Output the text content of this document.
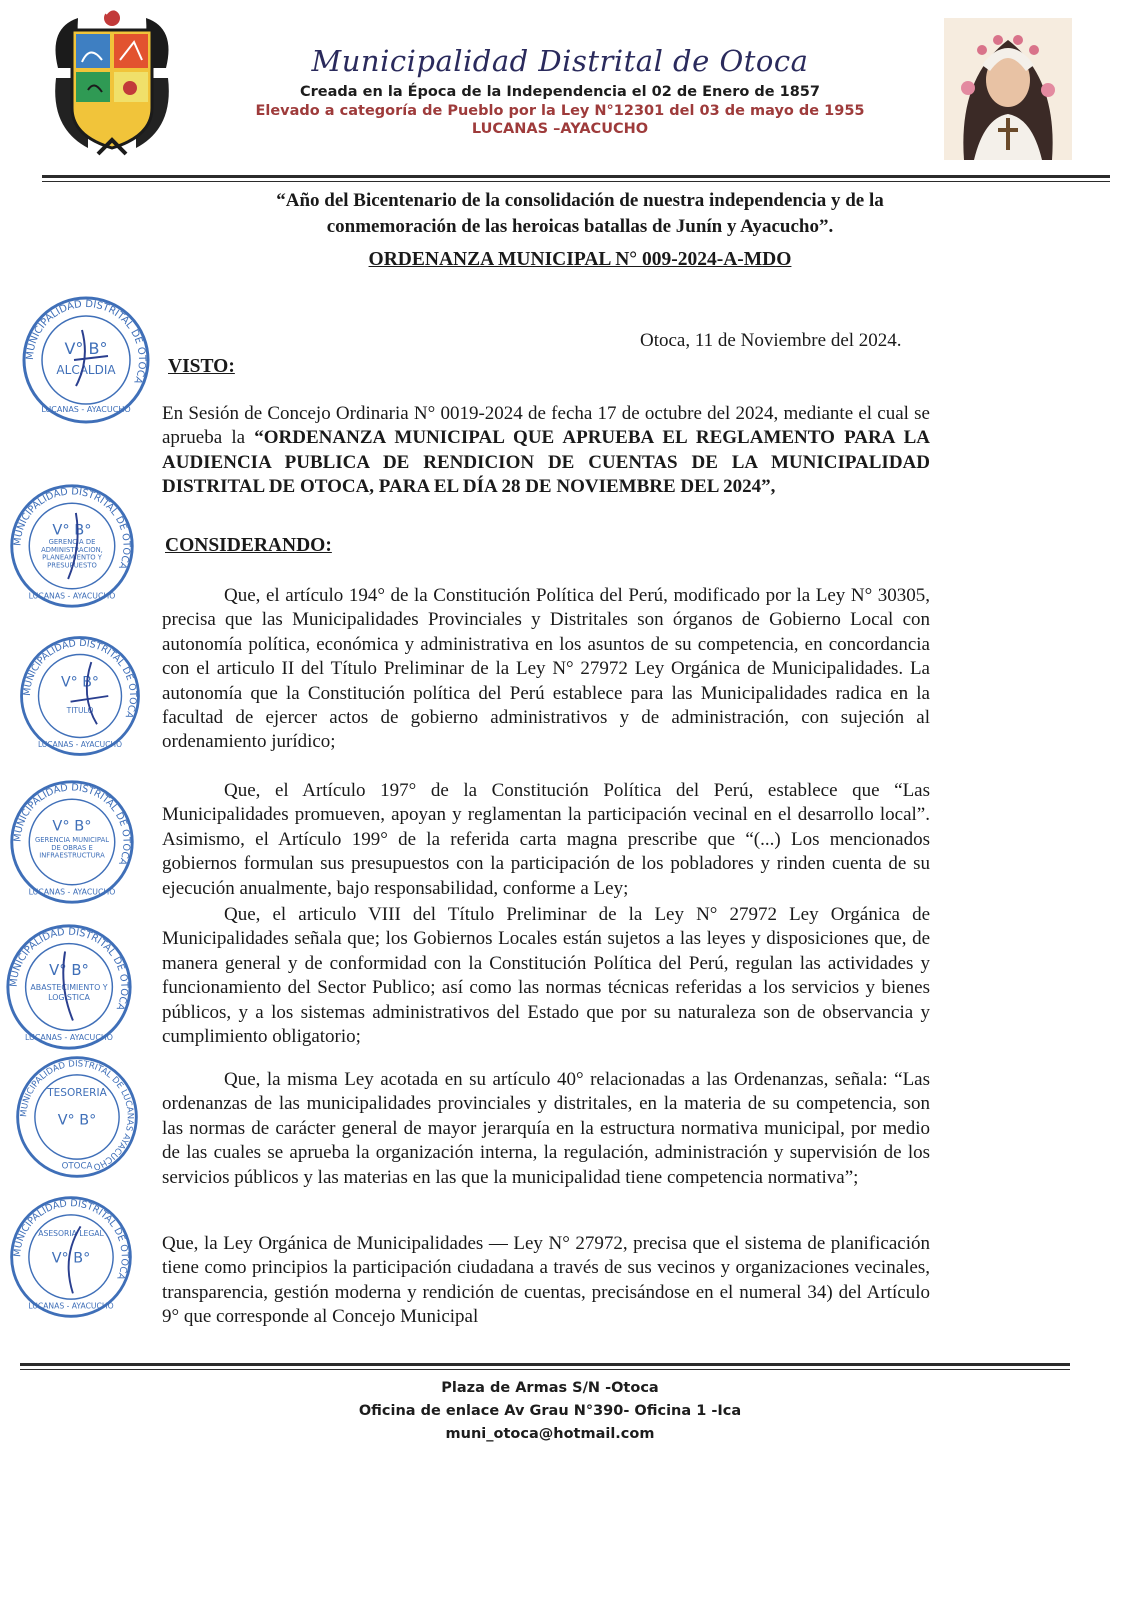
Municipalidad Distrital de Otoca
Creada en la Época de la Independencia el 02 de Enero de 1857
Elevado a categoría de Pueblo por la Ley N°12301 del 03 de mayo de 1955
LUCANAS –AYACUCHO
“Año del Bicentenario de la consolidación de nuestra independencia y de la
conmemoración de las heroicas batallas de Junín y Ayacucho”.
ORDENANZA MUNICIPAL N° 009-2024-A-MDO
MUNICIPALIDAD DISTRITAL DE OTOCA
V° B°
ALCALDIA
LUCANAS - AYACUCHO
MUNICIPALIDAD DISTRITAL DE OTOCA
V° B°
GERENCIA DE ADMINISTRACION, PLANEAMIENTO Y PRESUPUESTO
LUCANAS - AYACUCHO
MUNICIPALIDAD DISTRITAL DE OTOCA
V° B°
TITULO
LUCANAS - AYACUCHO
MUNICIPALIDAD DISTRITAL DE OTOCA
V° B°
GERENCIA MUNICIPAL DE OBRAS E INFRAESTRUCTURA
LUCANAS - AYACUCHO
MUNICIPALIDAD DISTRITAL DE OTOCA
V° B°
ABASTECIMIENTO Y LOGISTICA
LUCANAS - AYACUCHO
MUNICIPALIDAD DISTRITAL DE LUCANAS AYACUCHO
TESORERIA
V° B°
OTOCA
MUNICIPALIDAD DISTRITAL DE OTOCA
ASESORIA LEGAL
V° B°
LUCANAS - AYACUCHO
Otoca, 11 de Noviembre del 2024.
VISTO:

En Sesión de Concejo Ordinaria N° 0019-2024 de fecha 17 de octubre del 2024, mediante el cual se aprueba la “ORDENANZA MUNICIPAL QUE APRUEBA EL REGLAMENTO PARA LA AUDIENCIA PUBLICA DE RENDICION DE CUENTAS DE LA MUNICIPALIDAD DISTRITAL DE OTOCA, PARA EL DÍA 28 DE NOVIEMBRE DEL 2024”,

CONSIDERANDO:

Que, el artículo 194° de la Constitución Política del Perú, modificado por la Ley N° 30305, precisa que las Municipalidades Provinciales y Distritales son órganos de Gobierno Local con autonomía política, económica y administrativa en los asuntos de su competencia, en concordancia con el articulo II del Título Preliminar de la Ley N° 27972 Ley Orgánica de Municipalidades. La autonomía que la Constitución política del Perú establece para las Municipalidades radica en la facultad de ejercer actos de gobierno administrativos y de administración, con sujeción al ordenamiento jurídico;

Que, el Artículo 197° de la Constitución Política del Perú, establece que “Las Municipalidades promueven, apoyan y reglamentan la participación vecinal en el desarrollo local”. Asimismo, el Artículo 199° de la referida carta magna prescribe que “(...) Los mencionados gobiernos formulan sus presupuestos con la participación de los pobladores y rinden cuenta de su ejecución anualmente, bajo responsabilidad, conforme a Ley;

Que, el articulo VIII del Título Preliminar de la Ley N° 27972 Ley Orgánica de Municipalidades señala que; los Gobiernos Locales están sujetos a las leyes y disposiciones que, de manera general y de conformidad con la Constitución Política del Perú, regulan las actividades y funcionamiento del Sector Publico; así como las normas técnicas referidas a los servicios y bienes públicos, y a los sistemas administrativos del Estado que por su naturaleza son de observancia y cumplimiento obligatorio;

Que, la misma Ley acotada en su artículo 40° relacionadas a las Ordenanzas, señala: “Las ordenanzas de las municipalidades provinciales y distritales, en la materia de su competencia, son las normas de carácter general de mayor jerarquía en la estructura normativa municipal, por medio de las cuales se aprueba la organización interna, la regulación, administración y supervisión de los servicios públicos y las materias en las que la municipalidad tiene competencia normativa”;

Que, la Ley Orgánica de Municipalidades — Ley N° 27972, precisa que el sistema de planificación tiene como principios la participación ciudadana a través de sus vecinos y organizaciones vecinales, transparencia, gestión moderna y rendición de cuentas, precisándose en el numeral 34) del Artículo 9° que corresponde al Concejo Municipal

Plaza de Armas S/N -Otoca
Oficina de enlace Av Grau N°390- Oficina 1 -Ica
muni_otoca@hotmail.com
